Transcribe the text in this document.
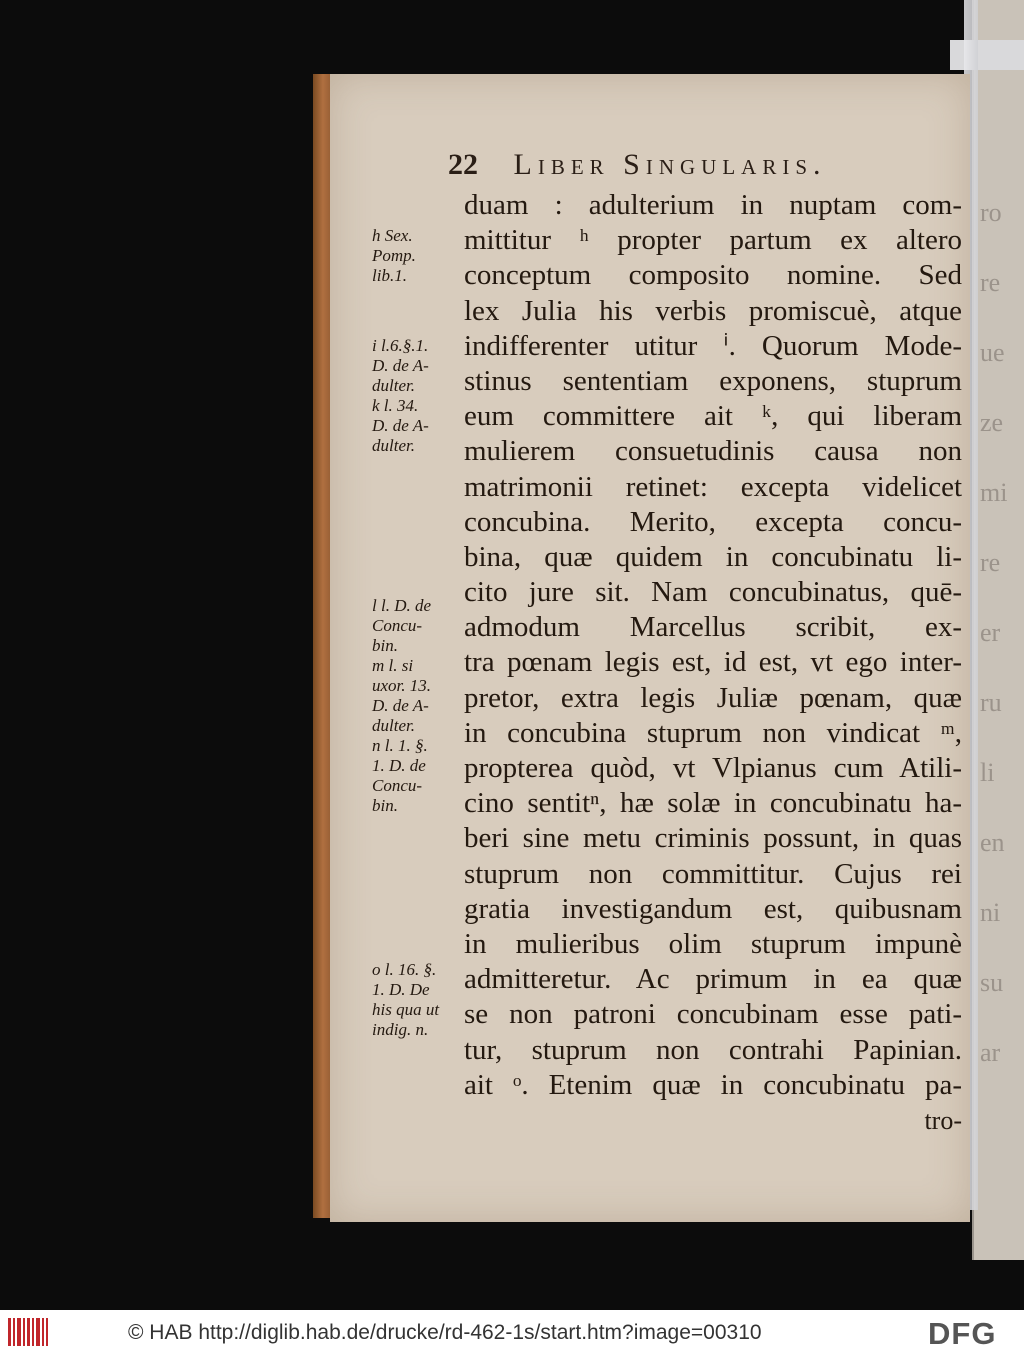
ro
re
ue
ze
mi
re
er
ru
li
en
ni
su
ar
22 Liber Singularis.
h Sex.
Pomp.
lib.1.
i l.6.§.1.
D. de A-
dulter.
k l. 34.
D. de A-
dulter.
l l. D. de
Concu-
bin.
m l. si
uxor. 13.
D. de A-
dulter.
n l. 1. §.
1. D. de
Concu-
bin.
o l. 16. §.
1. D. De
his qua ut
indig. n.
duam : adulterium in nuptam com-
mittitur ʰ propter partum ex altero
conceptum composito nomine. Sed
lex Julia his verbis promiscuè, atque
indifferenter utitur ⁱ. Quorum Mode-
stinus sententiam exponens, stuprum
eum committere ait ᵏ, qui liberam
mulierem consuetudinis causa non
matrimonii retinet: excepta videlicet
concubina. Merito, excepta concu-
bina, quæ quidem in concubinatu li-
cito jure sit. Nam concubinatus, quē-
admodum Marcellus scribit, ex-
tra pœnam legis est, id est, vt ego inter-
pretor, extra legis Juliæ pœnam, quæ
in concubina stuprum non vindicat ᵐ,
propterea quòd, vt Vlpianus cum Atili-
cino sentitⁿ, hæ solæ in concubinatu ha-
beri sine metu criminis possunt, in quas
stuprum non committitur. Cujus rei
gratia investigandum est, quibusnam
in mulieribus olim stuprum impunè
admitteretur. Ac primum in ea quæ
se non patroni concubinam esse pati-
tur, stuprum non contrahi Papinian.
ait ᵒ. Etenim quæ in concubinatu pa-
tro-
© HAB http://diglib.hab.de/drucke/rd-462-1s/start.htm?image=00310	DFG
